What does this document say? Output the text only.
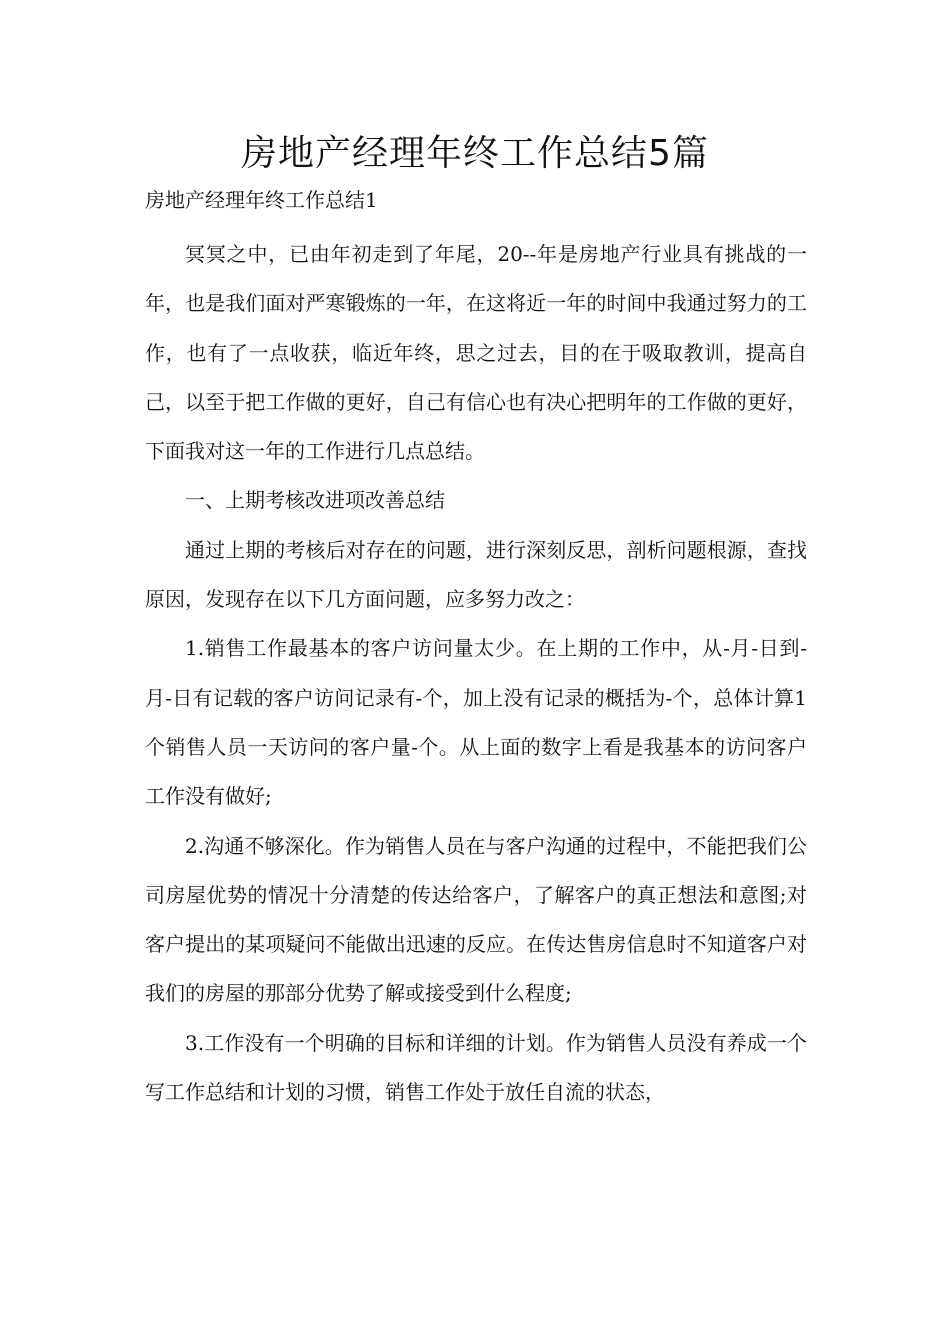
房地产经理年终工作总结5篇

房地产经理年终工作总结1

冥冥之中，已由年初走到了年尾，20--年是房地产行业具有挑战的一年，也是我们面对严寒锻炼的一年，在这将近一年的时间中我通过努力的工作，也有了一点收获，临近年终，思之过去，目的在于吸取教训，提高自己，以至于把工作做的更好，自己有信心也有决心把明年的工作做的更好，下面我对这一年的工作进行几点总结。

一、上期考核改进项改善总结

通过上期的考核后对存在的问题，进行深刻反思，剖析问题根源，查找原因，发现存在以下几方面问题，应多努力改之：

1.销售工作最基本的客户访问量太少。在上期的工作中，从-月-日到-月-日有记载的客户访问记录有-个，加上没有记录的概括为-个，总体计算1个销售人员一天访问的客户量-个。从上面的数字上看是我基本的访问客户工作没有做好;

2.沟通不够深化。作为销售人员在与客户沟通的过程中，不能把我们公司房屋优势的情况十分清楚的传达给客户，了解客户的真正想法和意图;对客户提出的某项疑问不能做出迅速的反应。在传达售房信息时不知道客户对我们的房屋的那部分优势了解或接受到什么程度;

3.工作没有一个明确的目标和详细的计划。作为销售人员没有养成一个写工作总结和计划的习惯，销售工作处于放任自流的状态，
